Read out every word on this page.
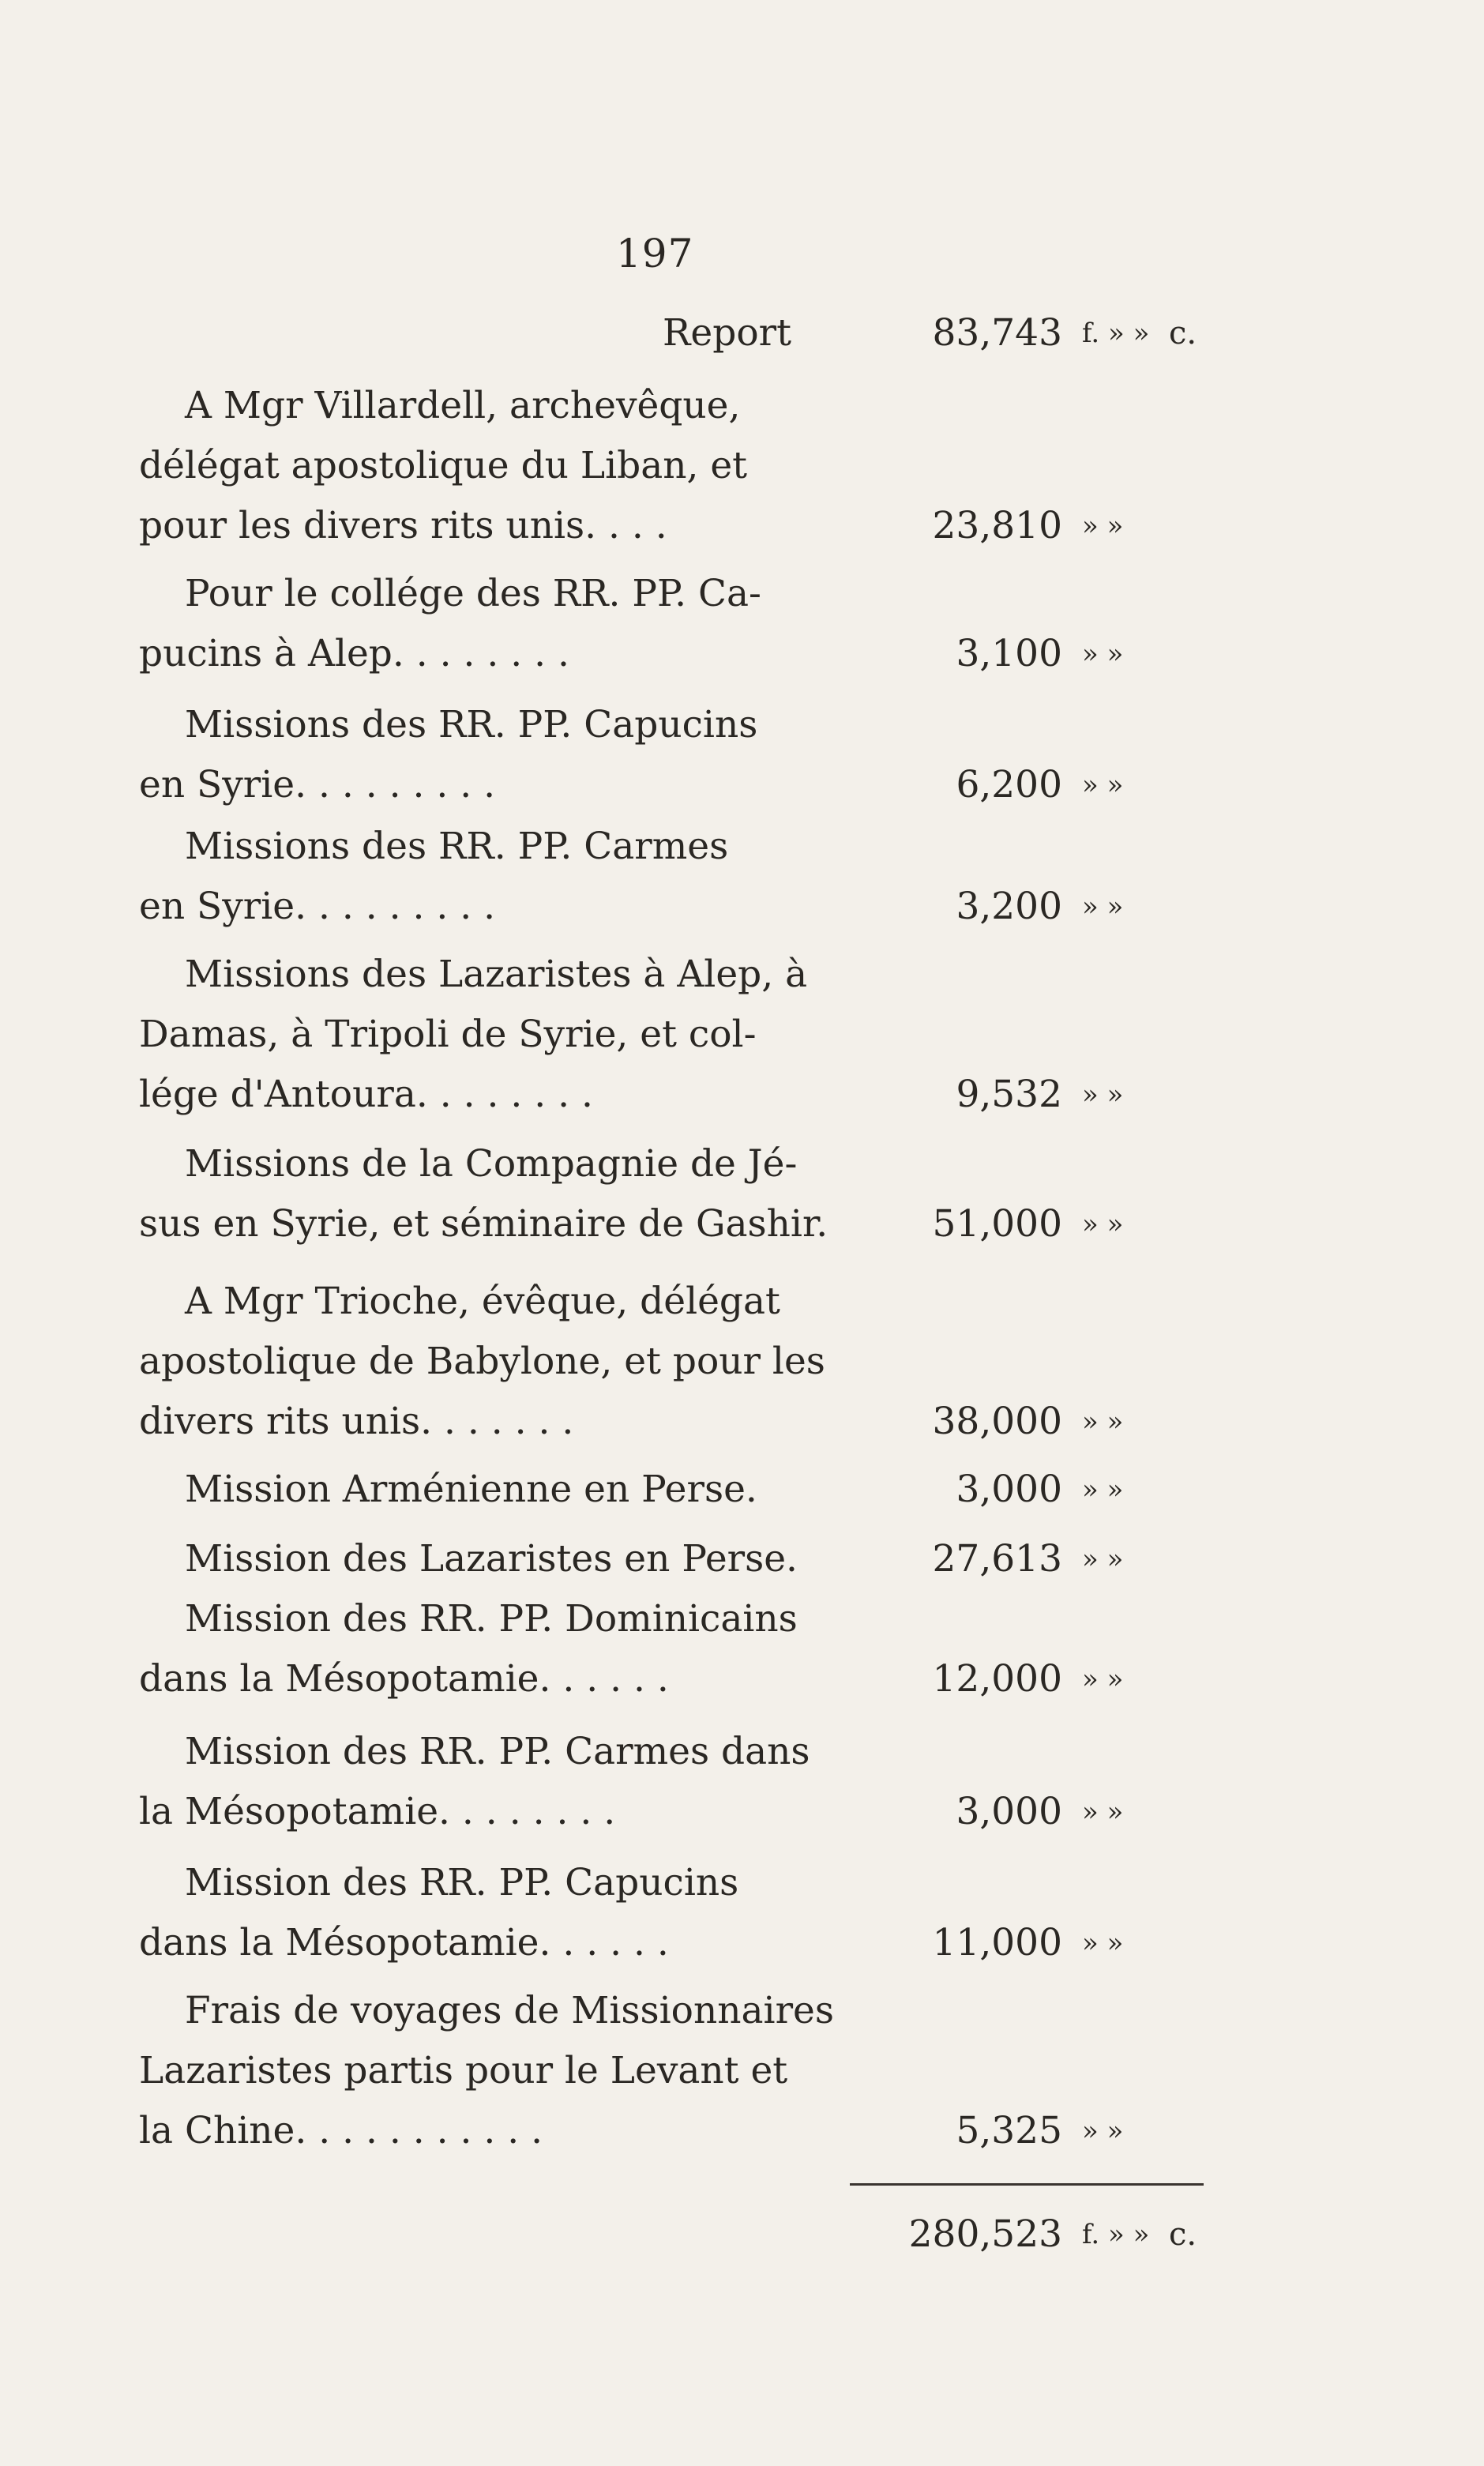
197

Report	83,743 f. » » c.
A Mgr Villardell, archevêque,
délégat apostolique du Liban, et
pour les divers rits unis. . . .	23,810 » »
Pour le collége des RR. PP. Ca-
pucins à Alep. . . . . . . .	3,100 » »
Missions des RR. PP. Capucins
en Syrie. . . . . . . . .	6,200 » »
Missions des RR. PP. Carmes
en Syrie. . . . . . . . .	3,200 » »
Missions des Lazaristes à Alep, à
Damas, à Tripoli de Syrie, et col-
lége d'Antoura. . . . . . . .	9,532 » »
Missions de la Compagnie de Jé-
sus en Syrie, et séminaire de Gashir.	51,000 » »
A Mgr Trioche, évêque, délégat
apostolique de Babylone, et pour les
divers rits unis. . . . . . .	38,000 » »
Mission Arménienne en Perse.	3,000 » »
Mission des Lazaristes en Perse.	27,613 » »
Mission des RR. PP. Dominicains
dans la Mésopotamie. . . . . .	12,000 » »
Mission des RR. PP. Carmes dans
la Mésopotamie. . . . . . . .	3,000 » »
Mission des RR. PP. Capucins
dans la Mésopotamie. . . . . .	11,000 » »
Frais de voyages de Missionnaires
Lazaristes partis pour le Levant et
la Chine. . . . . . . . . . .	5,325 » »
280,523 f. » » c.
